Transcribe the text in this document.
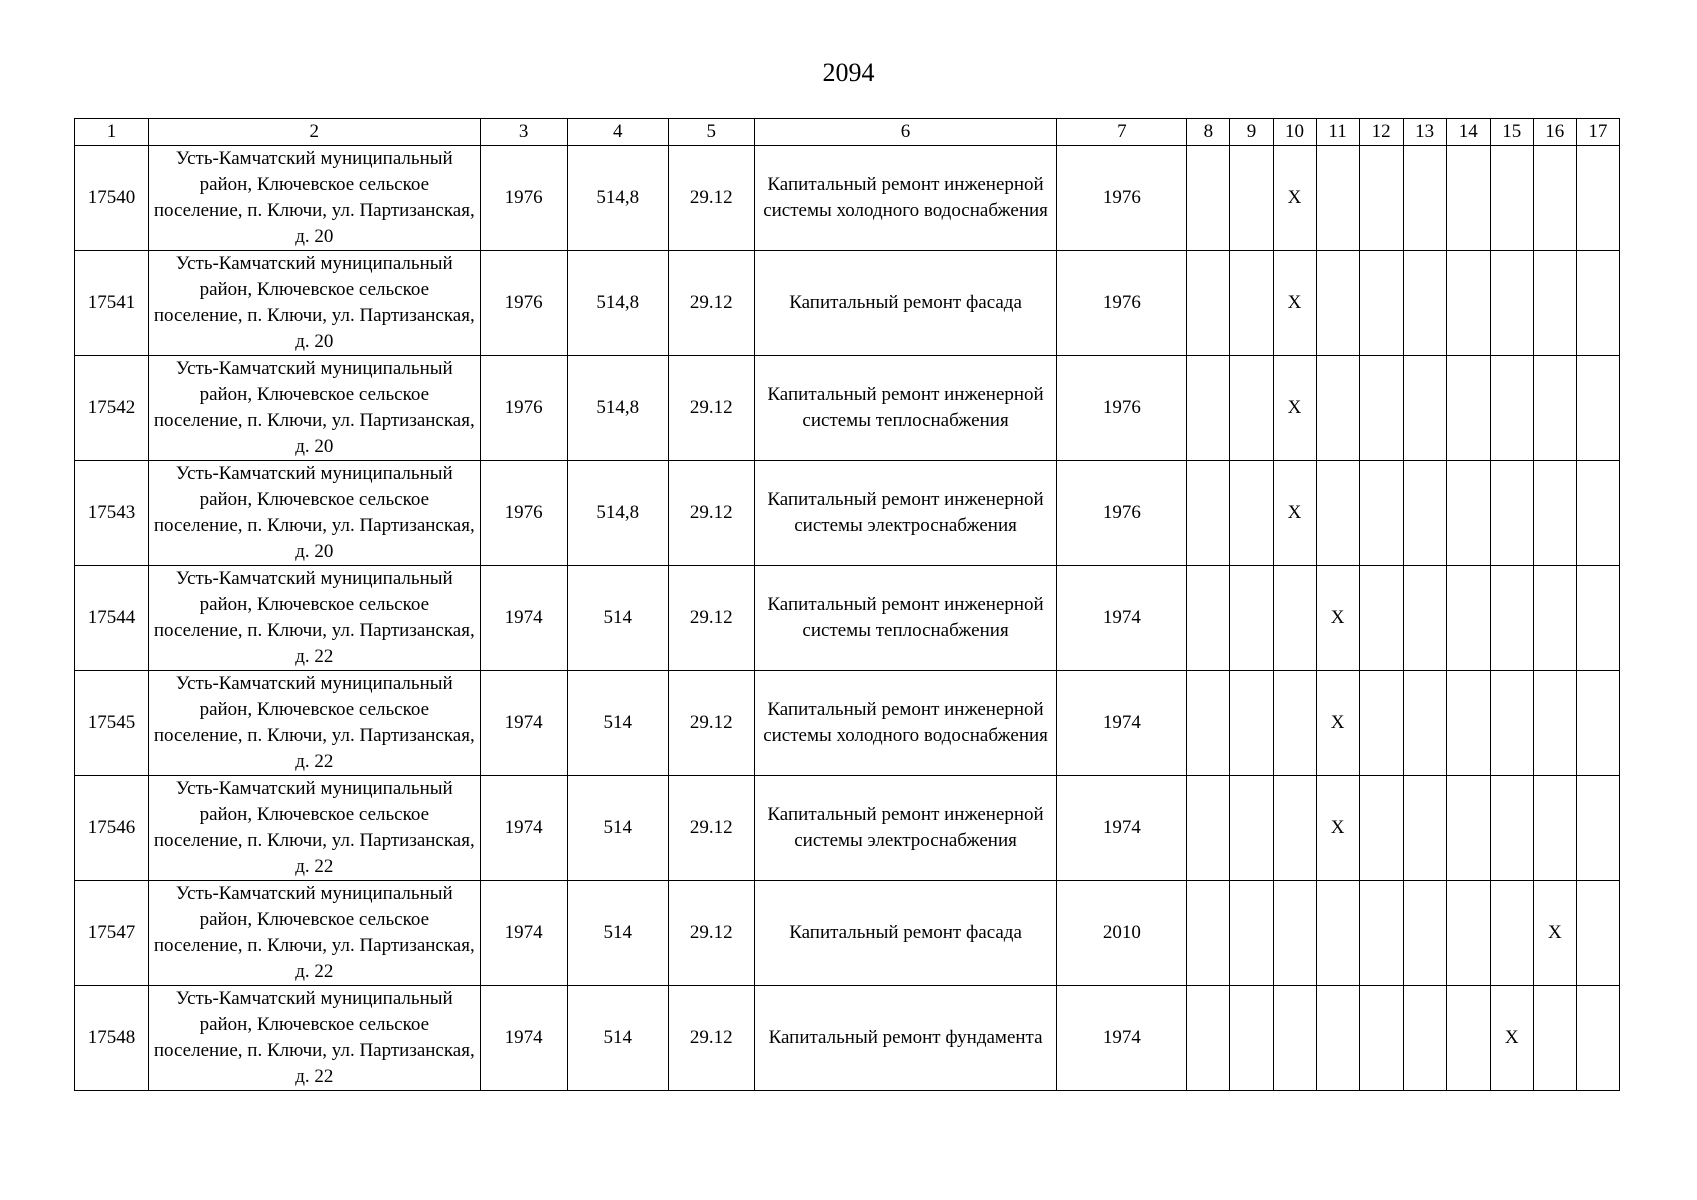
2094
1	2	3	4	5	6	7	8	9	10	11	12	13	14	15	16	17
17540	Усть-Камчатский муниципальный район, Ключевское сельское поселение, п. Ключи, ул. Партизанская, д. 20	1976	514,8	29.12	Капитальный ремонт инженерной системы холодного водоснабжения	1976			X							
17541	Усть-Камчатский муниципальный район, Ключевское сельское поселение, п. Ключи, ул. Партизанская, д. 20	1976	514,8	29.12	Капитальный ремонт фасада	1976			X							
17542	Усть-Камчатский муниципальный район, Ключевское сельское поселение, п. Ключи, ул. Партизанская, д. 20	1976	514,8	29.12	Капитальный ремонт инженерной системы теплоснабжения	1976			X							
17543	Усть-Камчатский муниципальный район, Ключевское сельское поселение, п. Ключи, ул. Партизанская, д. 20	1976	514,8	29.12	Капитальный ремонт инженерной системы электроснабжения	1976			X							
17544	Усть-Камчатский муниципальный район, Ключевское сельское поселение, п. Ключи, ул. Партизанская, д. 22	1974	514	29.12	Капитальный ремонт инженерной системы теплоснабжения	1974				X						
17545	Усть-Камчатский муниципальный район, Ключевское сельское поселение, п. Ключи, ул. Партизанская, д. 22	1974	514	29.12	Капитальный ремонт инженерной системы холодного водоснабжения	1974				X						
17546	Усть-Камчатский муниципальный район, Ключевское сельское поселение, п. Ключи, ул. Партизанская, д. 22	1974	514	29.12	Капитальный ремонт инженерной системы электроснабжения	1974				X						
17547	Усть-Камчатский муниципальный район, Ключевское сельское поселение, п. Ключи, ул. Партизанская, д. 22	1974	514	29.12	Капитальный ремонт фасада	2010									X	
17548	Усть-Камчатский муниципальный район, Ключевское сельское поселение, п. Ключи, ул. Партизанская, д. 22	1974	514	29.12	Капитальный ремонт фундамента	1974								X		
